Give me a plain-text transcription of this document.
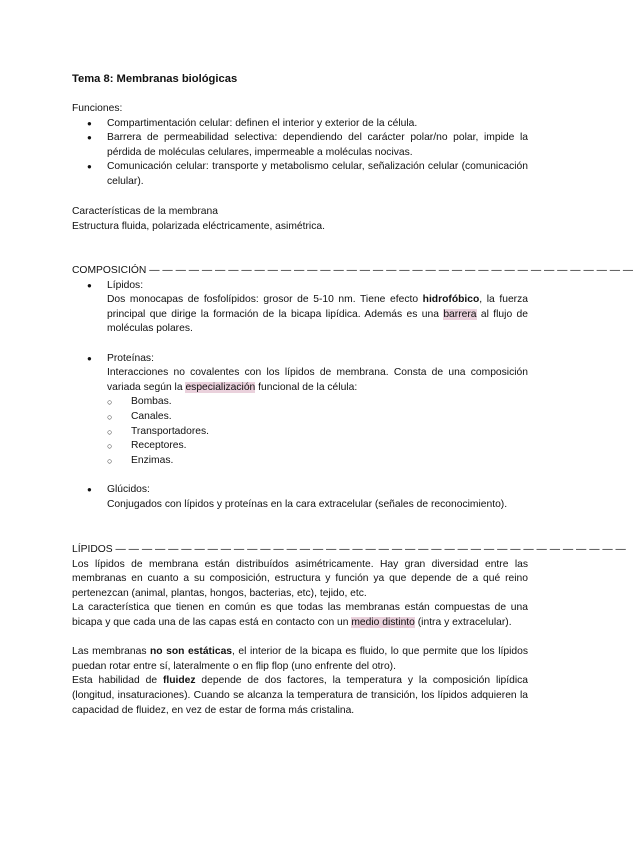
Tema 8: Membranas biológicas
Funciones:
● Compartimentación celular: definen el interior y exterior de la célula.
● Barrera de permeabilidad selectiva: dependiendo del carácter polar/no polar, impide la pérdida de moléculas celulares, impermeable a moléculas nocivas.
● Comunicación celular: transporte y metabolismo celular, señalización celular (comunicación celular).
Características de la membrana
Estructura fluida, polarizada eléctricamente, asimétrica.
COMPOSICIÓN — — — — — — — — — — — — — — — — — — — — — — — — — — — — — — — — — — — — —
● Lípidos:
Dos monocapas de fosfolípidos: grosor de 5-10 nm. Tiene efecto hidrofóbico, la fuerza principal que dirige la formación de la bicapa lipídica. Además es una barrera al flujo de moléculas polares.
● Proteínas:
Interacciones no covalentes con los lípidos de membrana. Consta de una composición variada según la especialización funcional de la célula:
○ Bombas.
○ Canales.
○ Transportadores.
○ Receptores.
○ Enzimas.
● Glúcidos:
Conjugados con lípidos y proteínas en la cara extracelular (señales de reconocimiento).
LÍPIDOS — — — — — — — — — — — — — — — — — — — — — — — — — — — — — — — — — — — — — — —
Los lípidos de membrana están distribuídos asimétricamente. Hay gran diversidad entre las membranas en cuanto a su composición, estructura y función ya que depende de a qué reino pertenezcan (animal, plantas, hongos, bacterias, etc), tejido, etc.
La característica que tienen en común es que todas las membranas están compuestas de una bicapa y que cada una de las capas está en contacto con un medio distinto (intra y extracelular).
Las membranas no son estáticas, el interior de la bicapa es fluido, lo que permite que los lípidos puedan rotar entre sí, lateralmente o en flip flop (uno enfrente del otro).
Esta habilidad de fluidez depende de dos factores, la temperatura y la composición lipídica (longitud, insaturaciones). Cuando se alcanza la temperatura de transición, los lípidos adquieren la capacidad de fluidez, en vez de estar de forma más cristalina.
